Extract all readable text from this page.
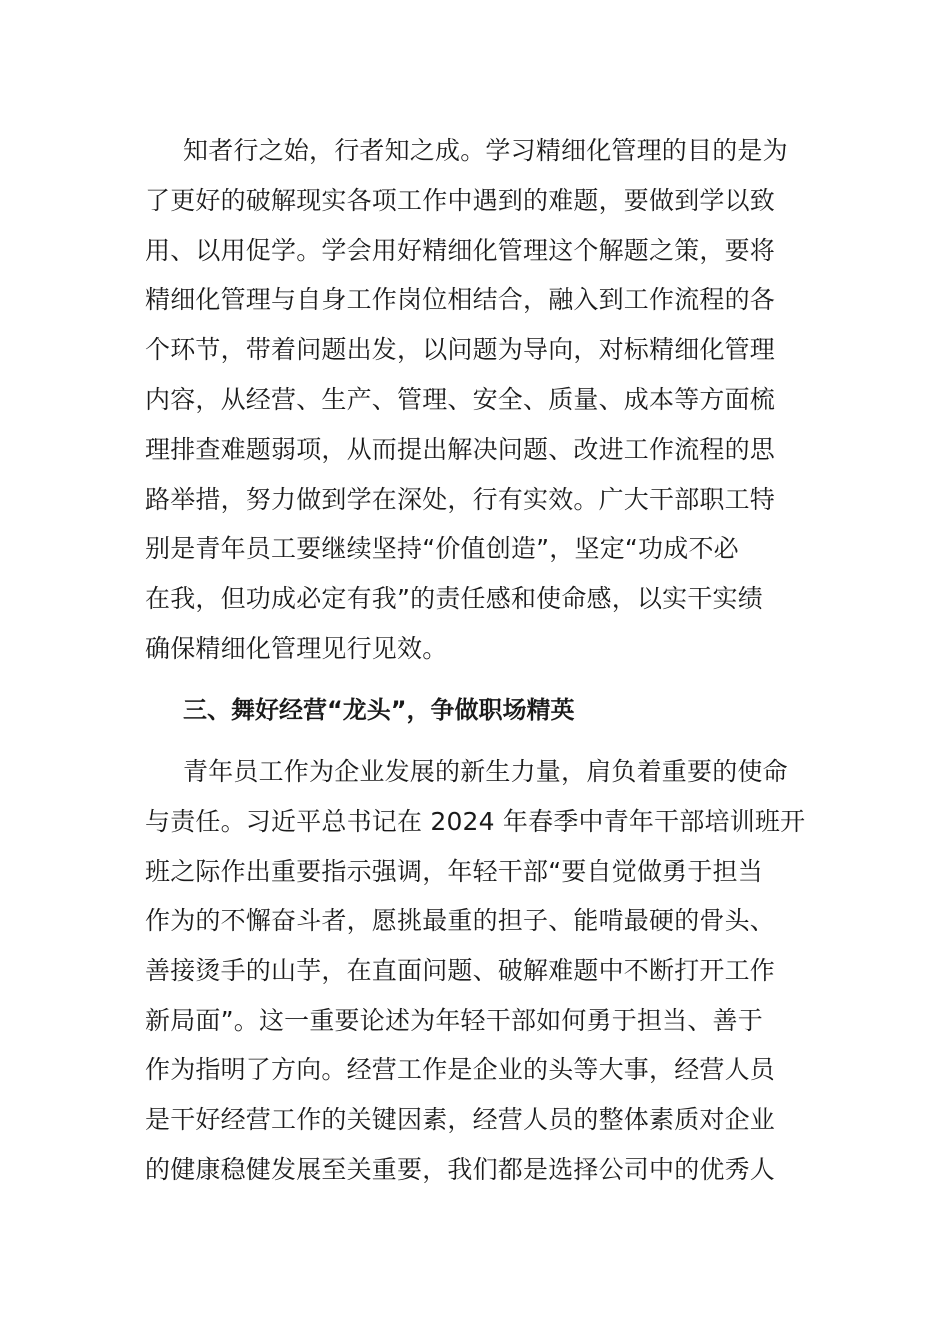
知者行之始，行者知之成。学习精细化管理的目的是为
了更好的破解现实各项工作中遇到的难题，要做到学以致
用、以用促学。学会用好精细化管理这个解题之策，要将
精细化管理与自身工作岗位相结合，融入到工作流程的各
个环节，带着问题出发，以问题为导向，对标精细化管理
内容，从经营、生产、管理、安全、质量、成本等方面梳
理排查难题弱项，从而提出解决问题、改进工作流程的思
路举措，努力做到学在深处，行有实效。广大干部职工特
别是青年员工要继续坚持“价值创造”，坚定“功成不必
在我，但功成必定有我”的责任感和使命感，以实干实绩
确保精细化管理见行见效。
三、舞好经营“龙头”，争做职场精英
青年员工作为企业发展的新生力量，肩负着重要的使命
与责任。习近平总书记在 2024 年春季中青年干部培训班开
班之际作出重要指示强调，年轻干部“要自觉做勇于担当
作为的不懈奋斗者，愿挑最重的担子、能啃最硬的骨头、
善接烫手的山芋，在直面问题、破解难题中不断打开工作
新局面”。这一重要论述为年轻干部如何勇于担当、善于
作为指明了方向。经营工作是企业的头等大事，经营人员
是干好经营工作的关键因素，经营人员的整体素质对企业
的健康稳健发展至关重要，我们都是选择公司中的优秀人
